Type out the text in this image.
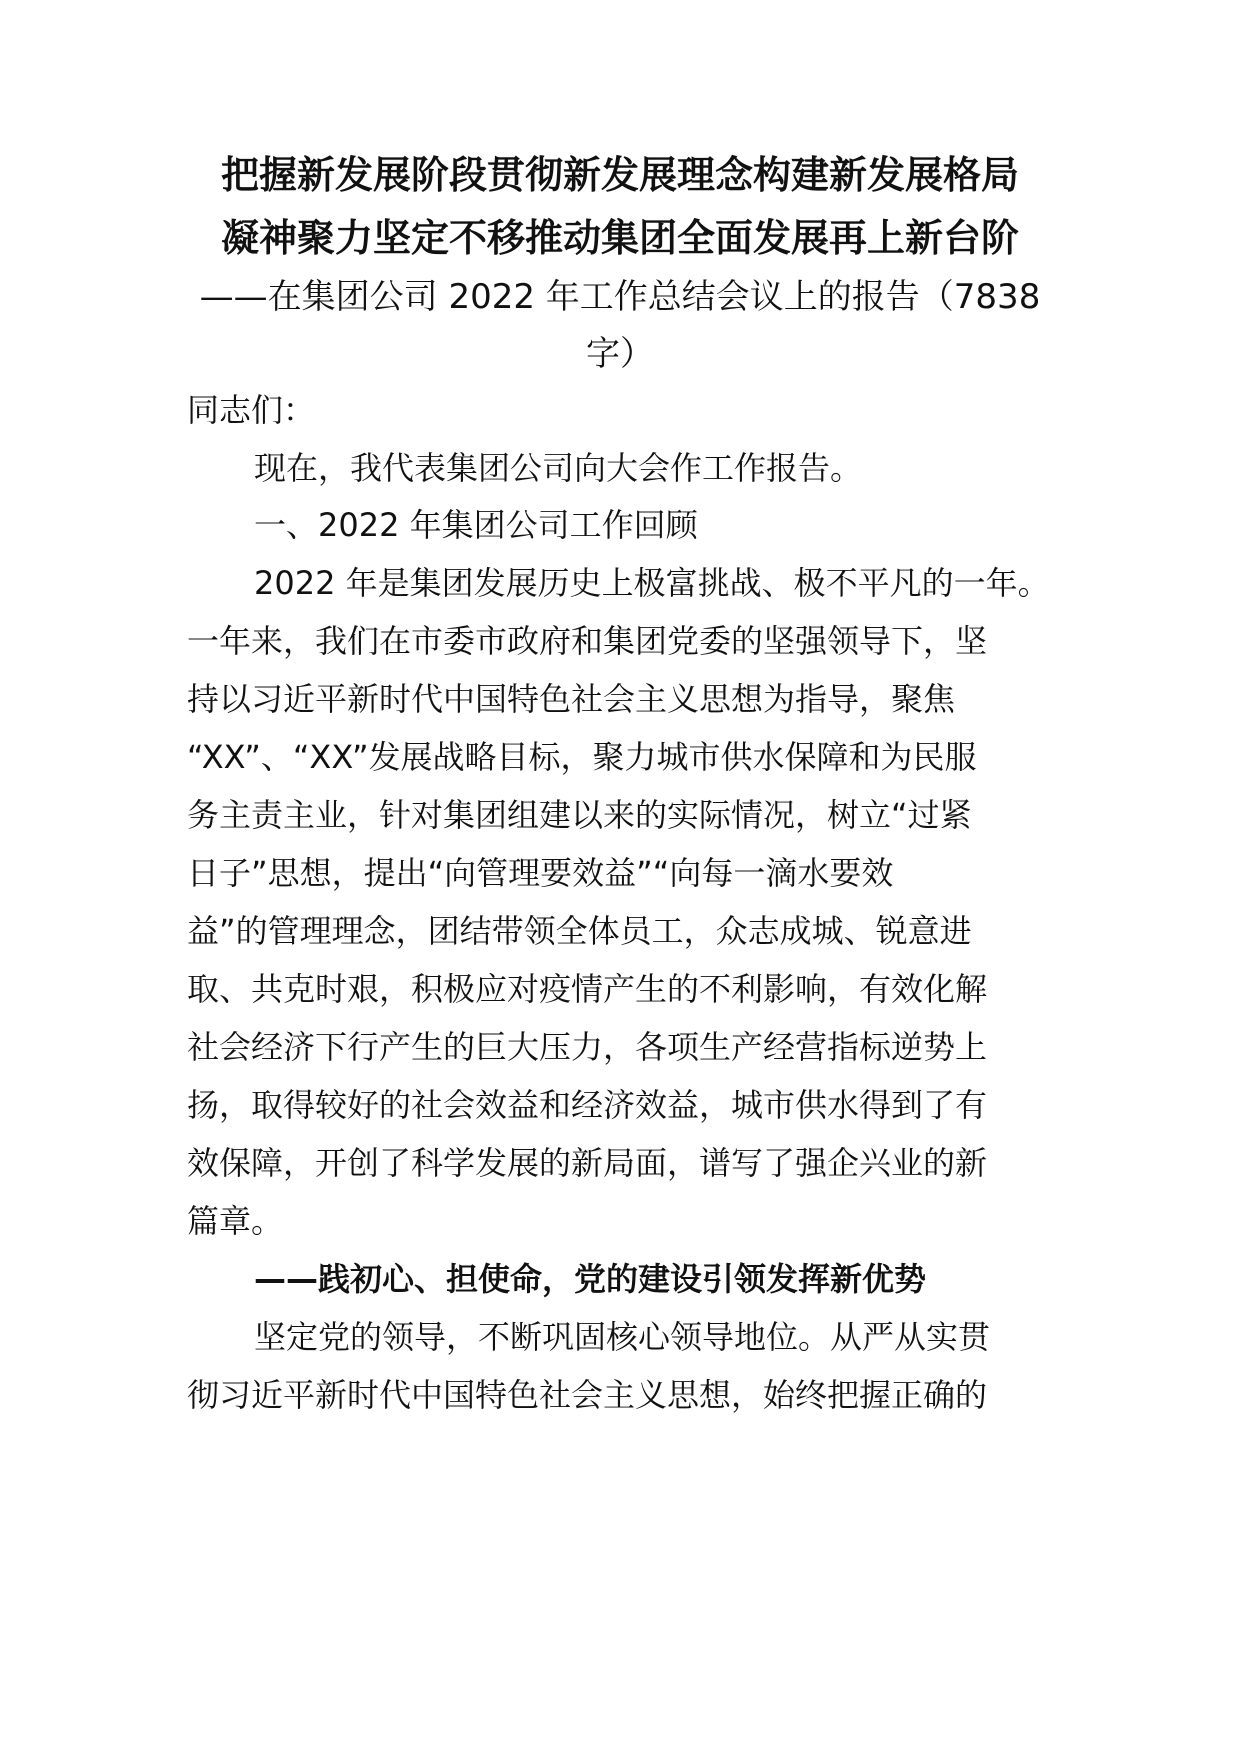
把握新发展阶段贯彻新发展理念构建新发展格局
凝神聚力坚定不移推动集团全面发展再上新台阶
——在集团公司 2022 年工作总结会议上的报告（7838
字）
同志们：
现在，我代表集团公司向大会作工作报告。
一、2022 年集团公司工作回顾
2022 年是集团发展历史上极富挑战、极不平凡的一年。
一年来，我们在市委市政府和集团党委的坚强领导下，坚
持以习近平新时代中国特色社会主义思想为指导，聚焦
“XX”、“XX”发展战略目标，聚力城市供水保障和为民服
务主责主业，针对集团组建以来的实际情况，树立“过紧
日子”思想，提出“向管理要效益”“向每一滴水要效
益”的管理理念，团结带领全体员工，众志成城、锐意进
取、共克时艰，积极应对疫情产生的不利影响，有效化解
社会经济下行产生的巨大压力，各项生产经营指标逆势上
扬，取得较好的社会效益和经济效益，城市供水得到了有
效保障，开创了科学发展的新局面，谱写了强企兴业的新
篇章。
——践初心、担使命，党的建设引领发挥新优势
坚定党的领导，不断巩固核心领导地位。从严从实贯
彻习近平新时代中国特色社会主义思想，始终把握正确的
